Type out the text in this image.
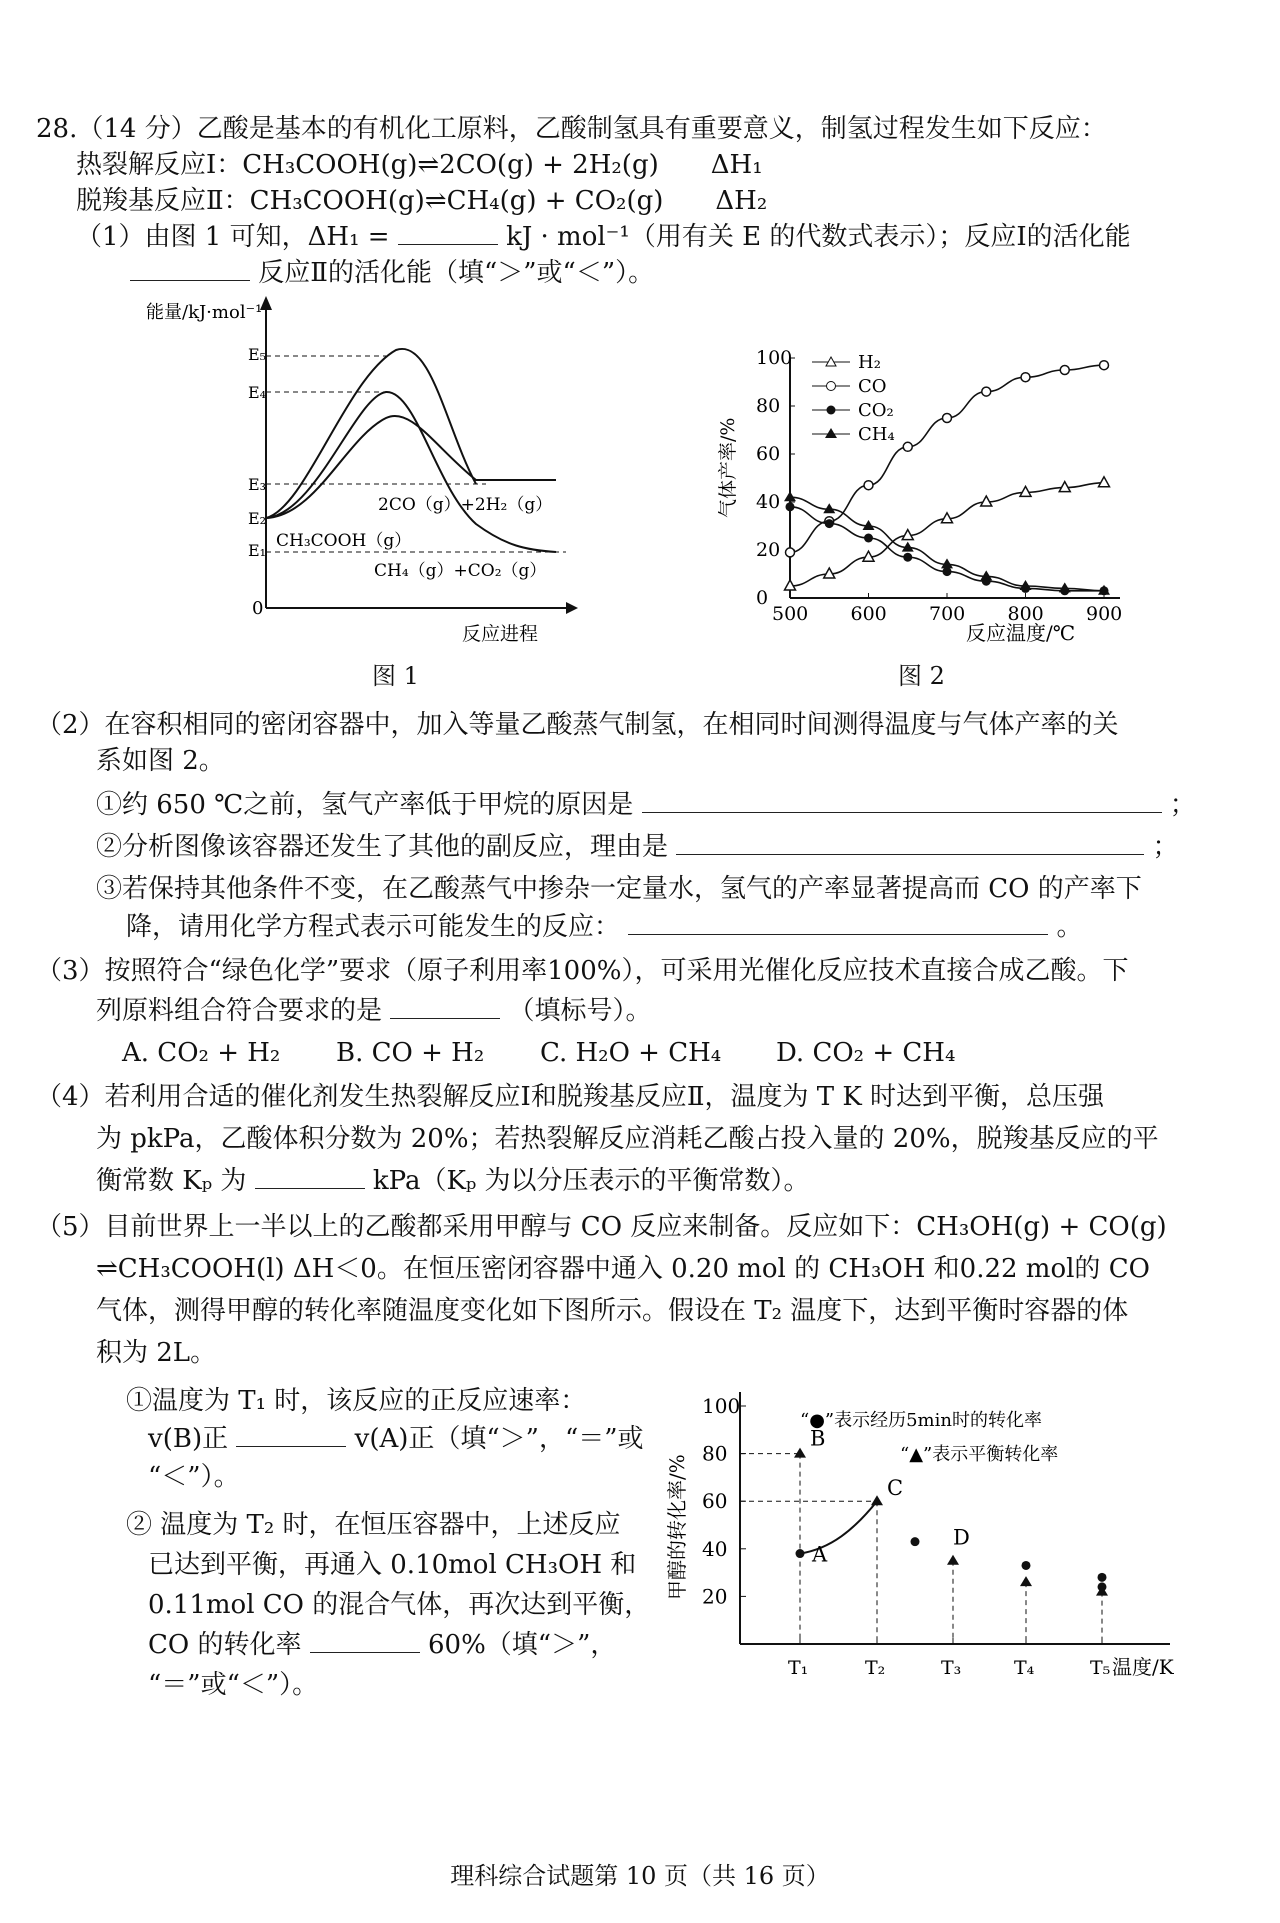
28.（14 分）乙酸是基本的有机化工原料，乙酸制氢具有重要意义，制氢过程发生如下反应：
热裂解反应Ⅰ：CH₃COOH(g)⇌2CO(g) + 2H₂(g)　　ΔH₁
脱羧基反应Ⅱ：CH₃COOH(g)⇌CH₄(g) + CO₂(g)　　ΔH₂
（1）由图 1 可知，ΔH₁ =	kJ · mol⁻¹（用有关 E 的代数式表示）；反应Ⅰ的活化能
反应Ⅱ的活化能（填“＞”或“＜”）。
能量/kJ·mol⁻¹
反应进程
0
E₅
E₄
E₃
E₂
E₁ CH₃COOH（g）
2CO（g）+2H₂（g）
CH₄（g）+CO₂（g）
图 1
气体产率/%
反应温度/℃
500 600 700 800 900
0
20
40
60
80
100	H₂
CO
CO₂
CH₄
图 2
（2）在容积相同的密闭容器中，加入等量乙酸蒸气制氢，在相同时间测得温度与气体产率的关
系如图 2。
①约 650 ℃之前，氢气产率低于甲烷的原因是	；
②分析图像该容器还发生了其他的副反应，理由是	；
③若保持其他条件不变，在乙酸蒸气中掺杂一定量水，氢气的产率显著提高而 CO 的产率下
降，请用化学方程式表示可能发生的反应：	。
（3）按照符合“绿色化学”要求（原子利用率100%），可采用光催化反应技术直接合成乙酸。下
列原料组合符合要求的是	（填标号）。
A. CO₂ + H₂ B. CO + H₂ C. H₂O + CH₄ D. CO₂ + CH₄
（4）若利用合适的催化剂发生热裂解反应Ⅰ和脱羧基反应Ⅱ，温度为 T K 时达到平衡，总压强
为 pkPa，乙酸体积分数为 20%；若热裂解反应消耗乙酸占投入量的 20%，脱羧基反应的平
衡常数 Kₚ 为	kPa（Kₚ 为以分压表示的平衡常数）。
（5）目前世界上一半以上的乙酸都采用甲醇与 CO 反应来制备。反应如下：CH₃OH(g) + CO(g)
⇌CH₃COOH(l) ΔH＜0。在恒压密闭容器中通入 0.20 mol 的 CH₃OH 和0.22 mol的 CO
气体，测得甲醇的转化率随温度变化如下图所示。假设在 T₂ 温度下，达到平衡时容器的体
积为 2L。
①温度为 T₁ 时，该反应的正反应速率：
v(B)正	v(A)正（填“＞”，“＝”或
“＜”）。
② 温度为 T₂ 时，在恒压容器中，上述反应
已达到平衡，再通入 0.10mol CH₃OH 和
0.11mol CO 的混合气体，再次达到平衡，
CO 的转化率	60%（填“＞”，
“＝”或“＜”）。
甲醇的转化率/%
温度/K
“●”表示经历5min时的转化率
“▲”表示平衡转化率
20
40
60
80
100
T₁	T₂	T₃	T₄	T₅
A
B
C
D
理科综合试题第 10 页（共 16 页）
